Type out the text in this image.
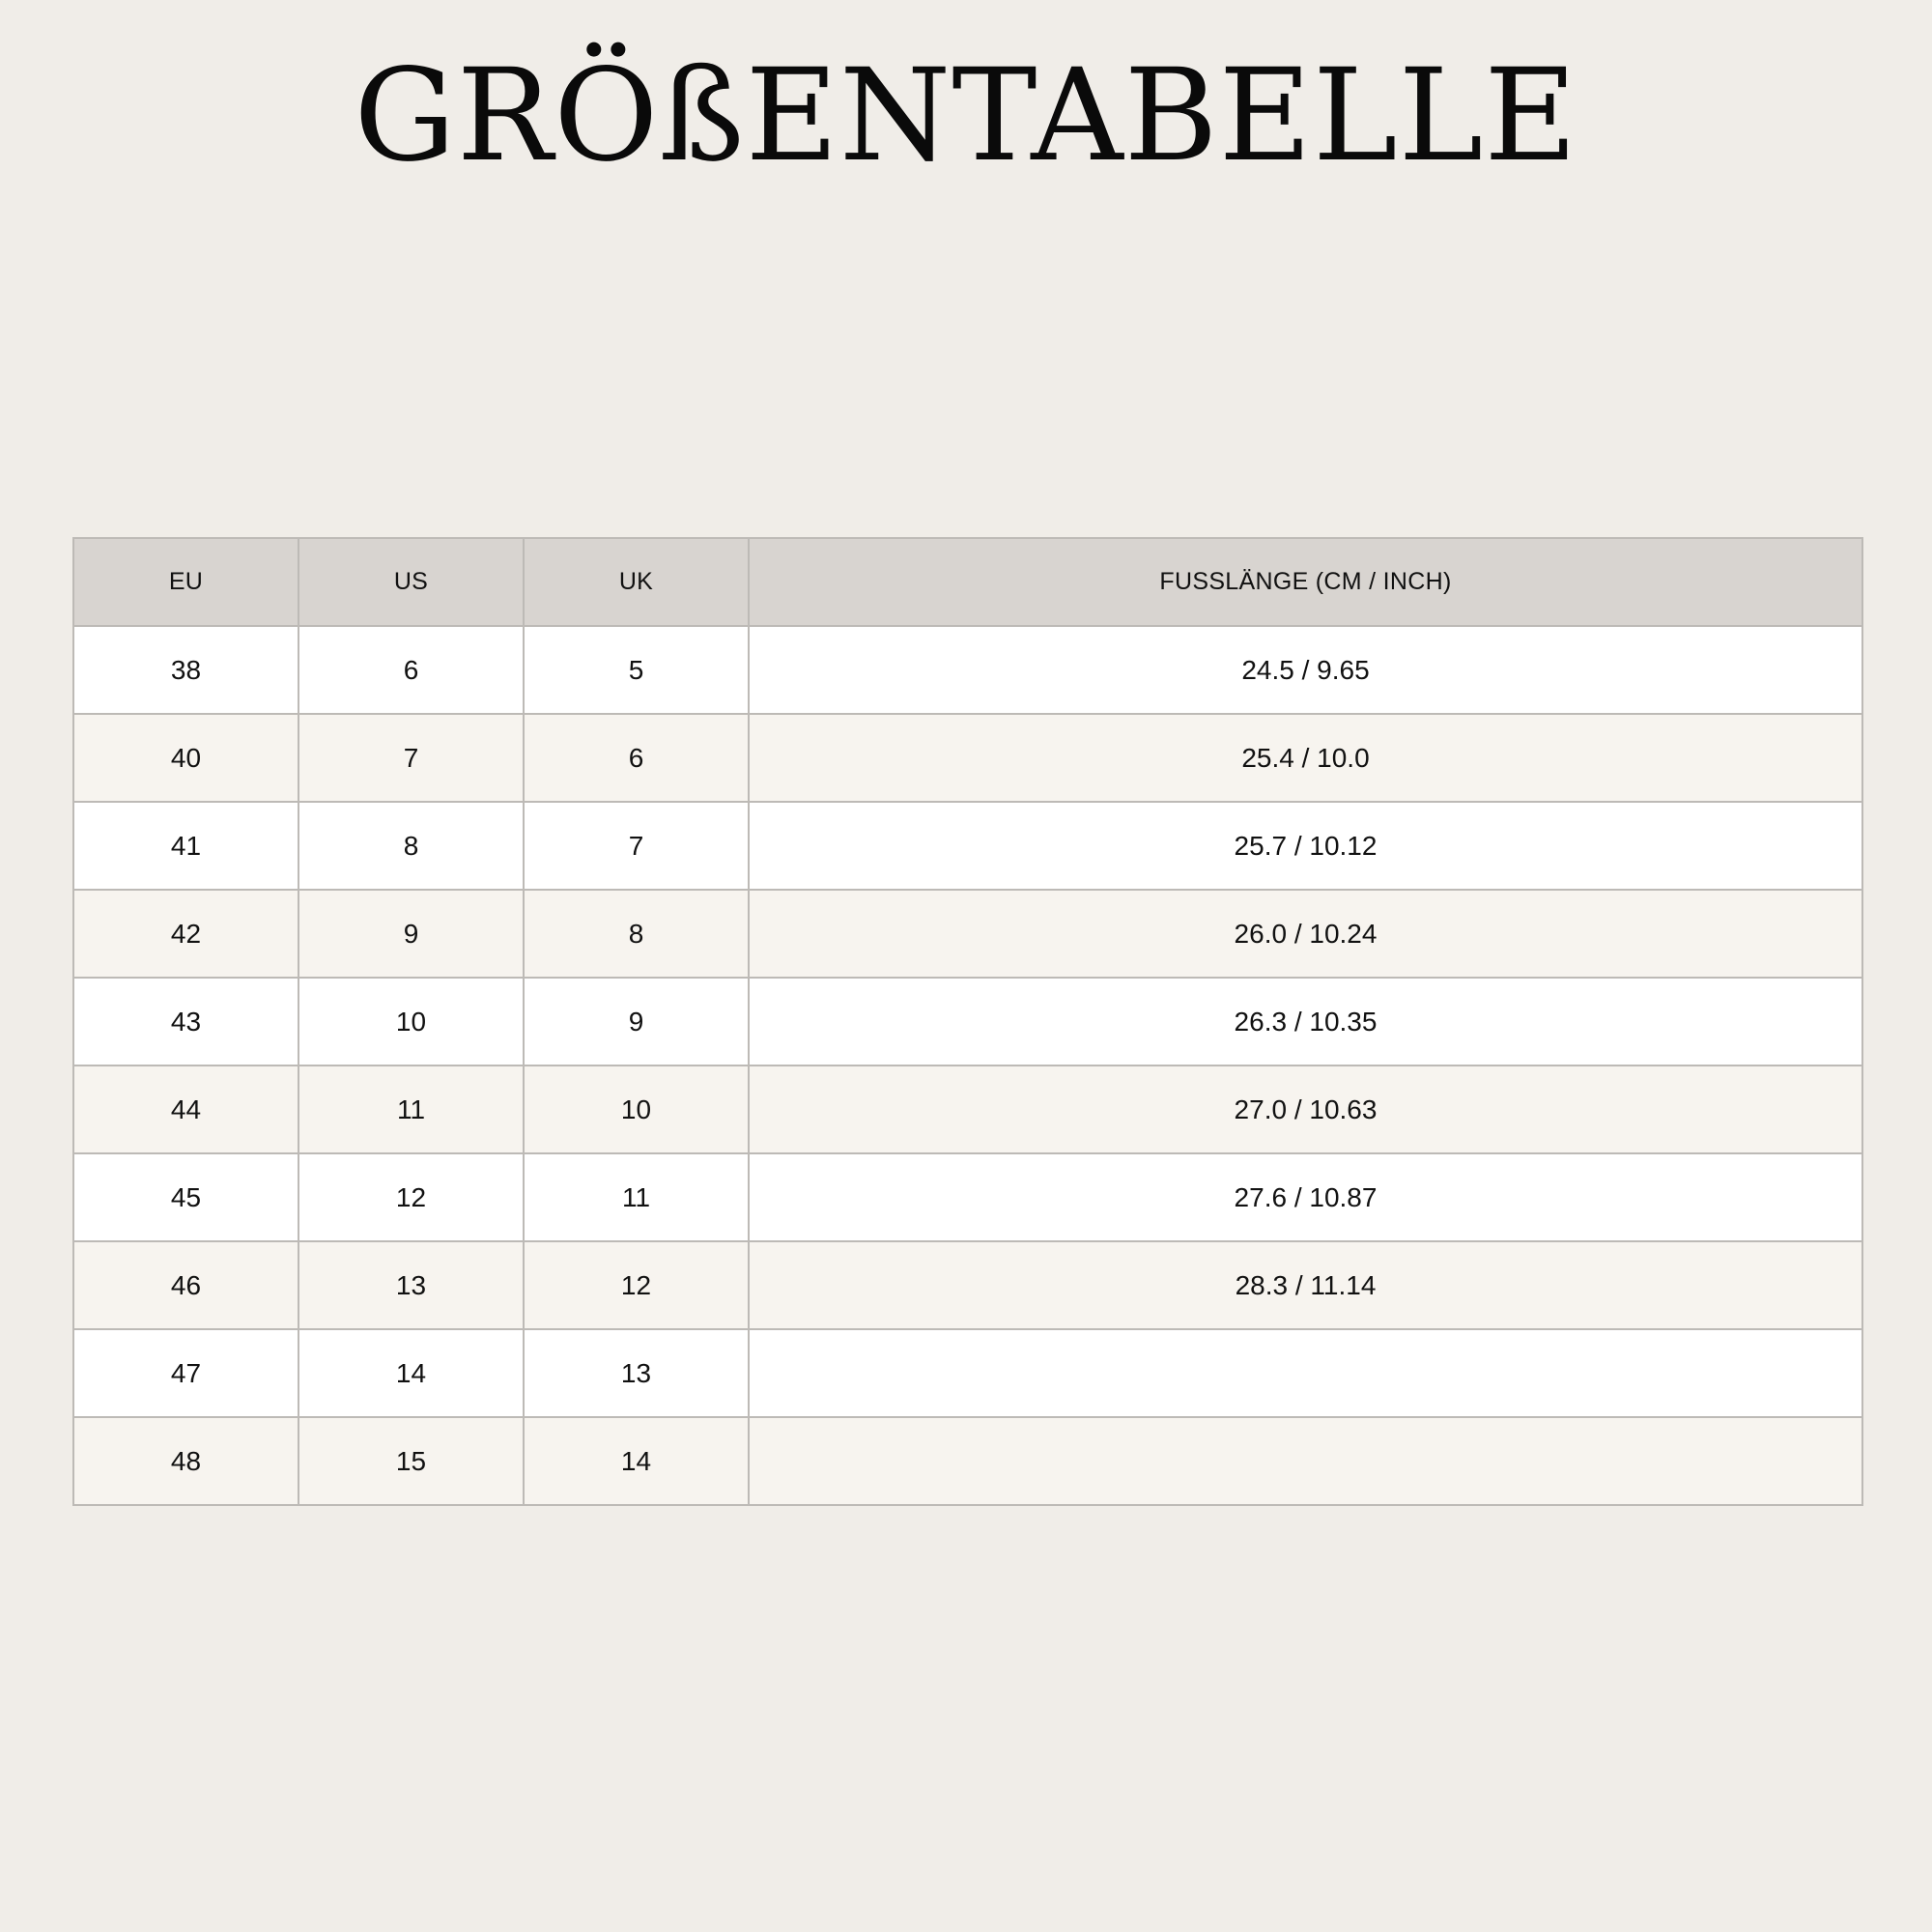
GRÖßENTABELLE
EU	US	UK	FUSSLÄNGE (CM / INCH)
38	6	5	24.5 / 9.65
40	7	6	25.4 / 10.0
41	8	7	25.7 / 10.12
42	9	8	26.0 / 10.24
43	10	9	26.3 / 10.35
44	11	10	27.0 / 10.63
45	12	11	27.6 / 10.87
46	13	12	28.3 / 11.14
47	14	13	
48	15	14	
